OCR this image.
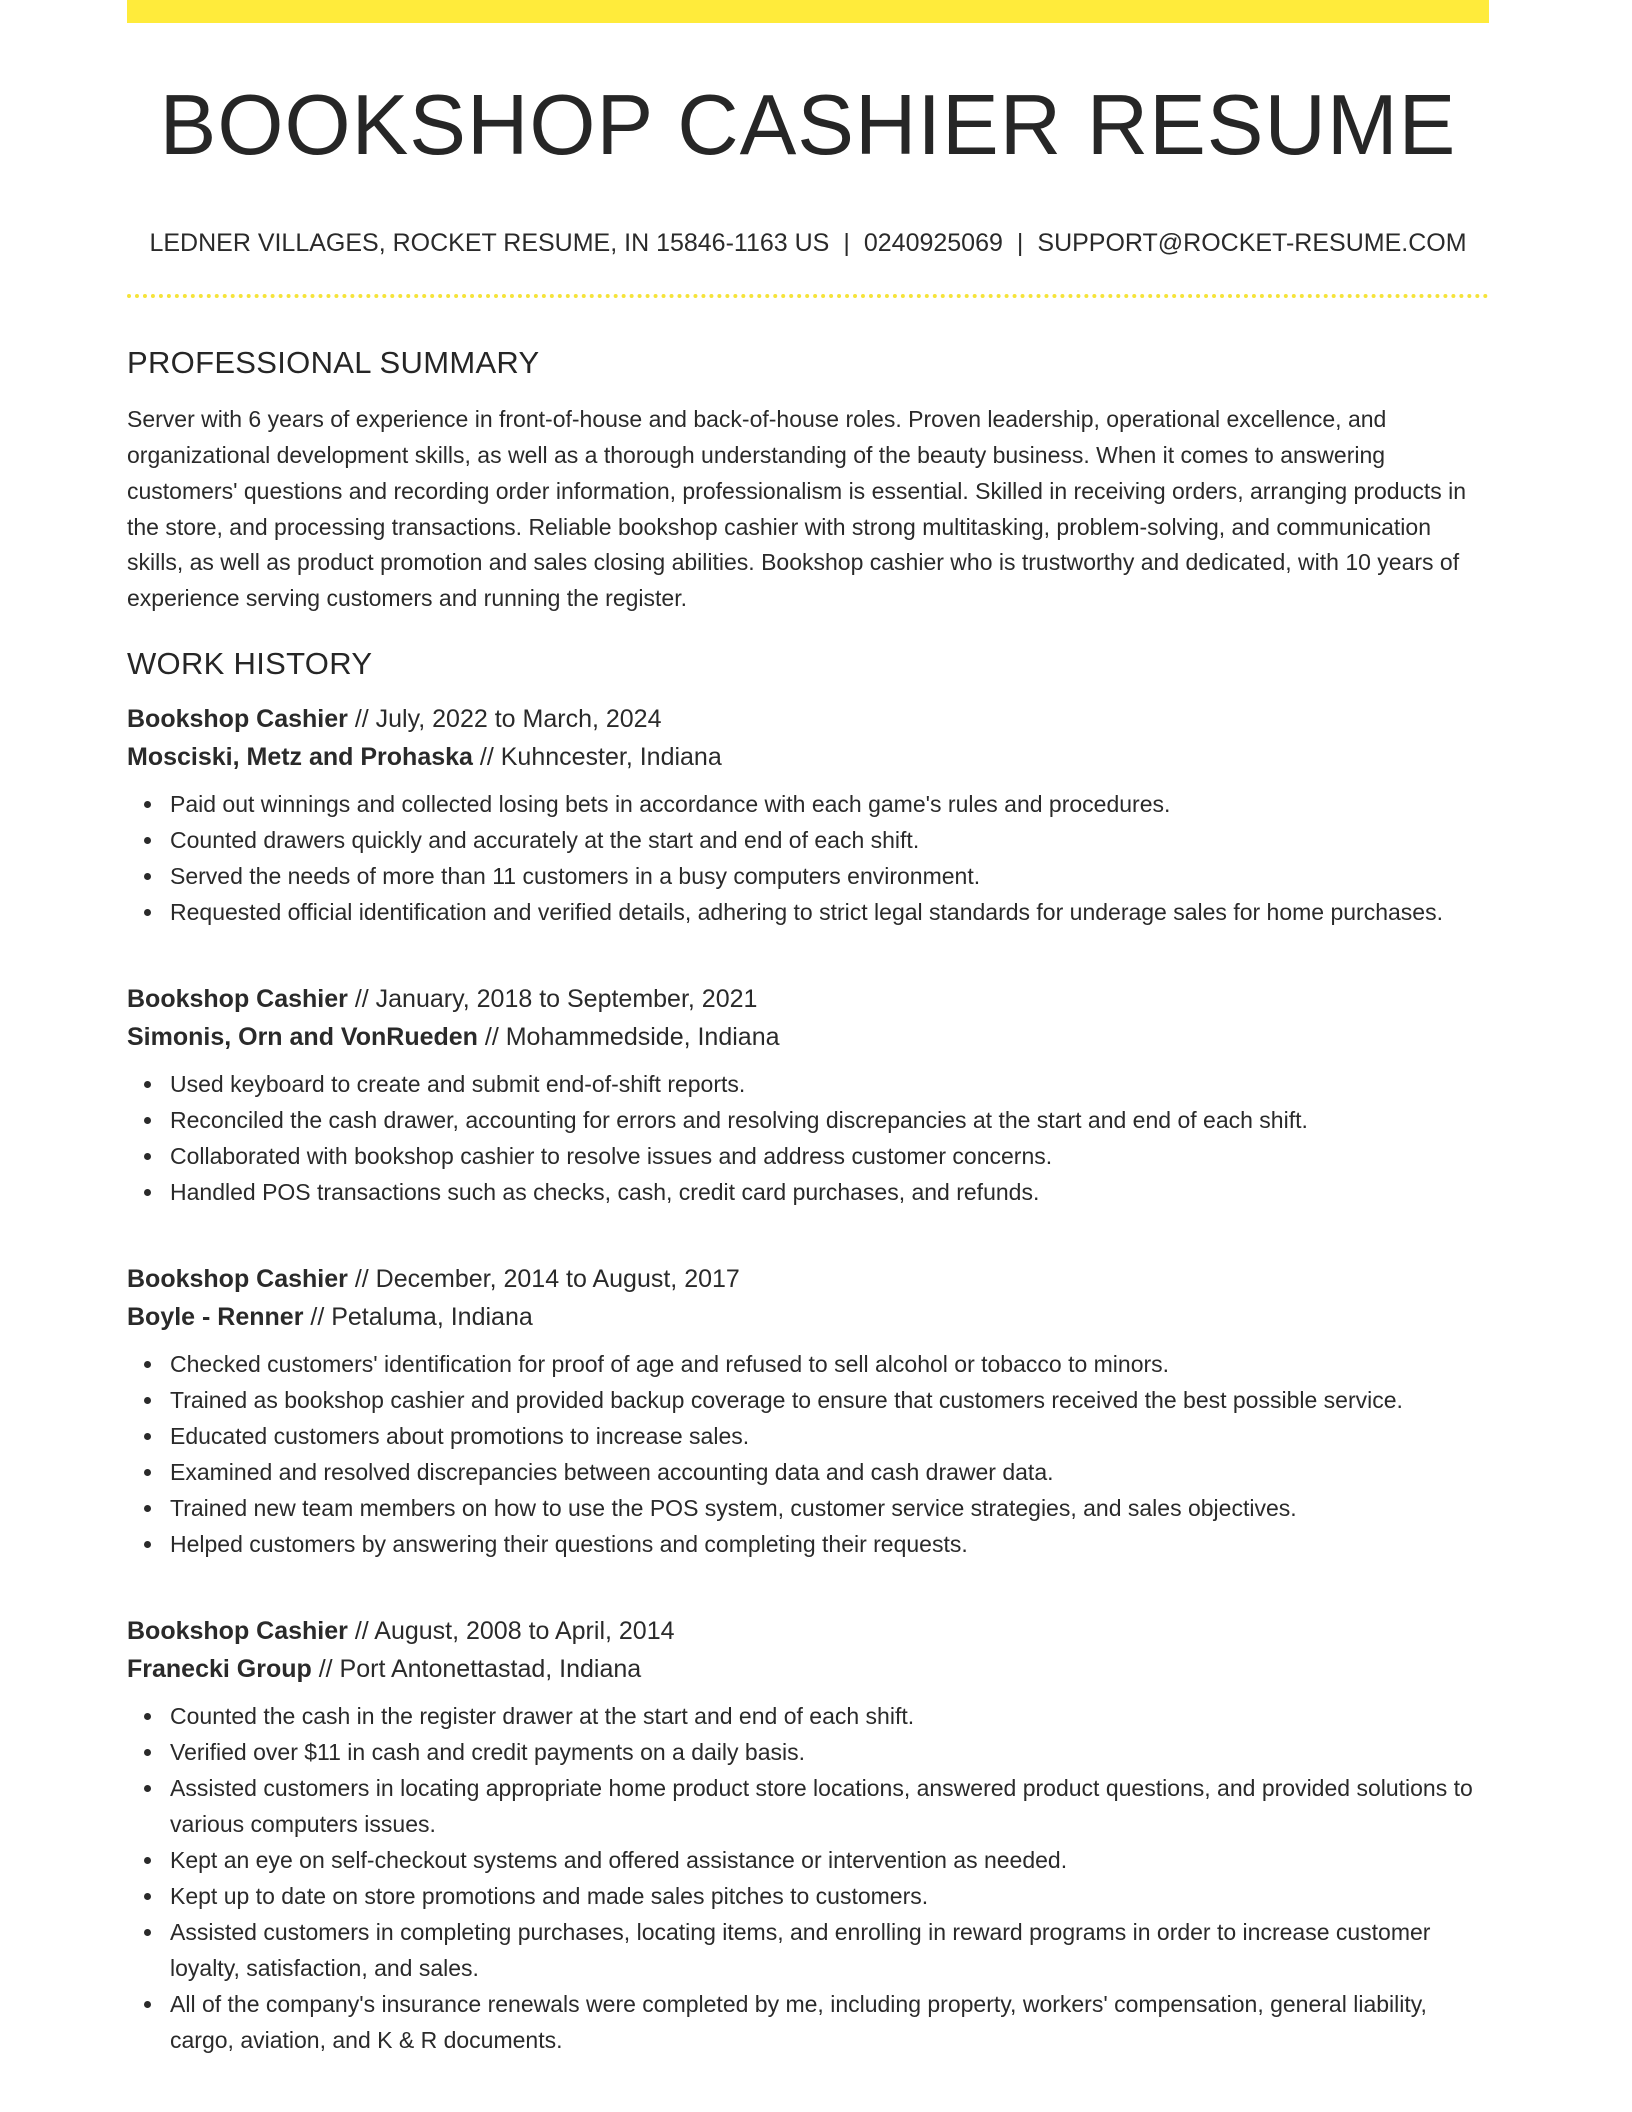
BOOKSHOP CASHIER RESUME
LEDNER VILLAGES, ROCKET RESUME, IN 15846-1163 US | 0240925069 | SUPPORT@ROCKET-RESUME.COM
PROFESSIONAL SUMMARY
Server with 6 years of experience in front-of-house and back-of-house roles. Proven leadership, operational excellence, and organizational development skills, as well as a thorough understanding of the beauty business. When it comes to answering customers' questions and recording order information, professionalism is essential. Skilled in receiving orders, arranging products in the store, and processing transactions. Reliable bookshop cashier with strong multitasking, problem-solving, and communication skills, as well as product promotion and sales closing abilities. Bookshop cashier who is trustworthy and dedicated, with 10 years of experience serving customers and running the register.
WORK HISTORY
Bookshop Cashier // July, 2022 to March, 2024
Mosciski, Metz and Prohaska // Kuhncester, Indiana
Paid out winnings and collected losing bets in accordance with each game's rules and procedures.
Counted drawers quickly and accurately at the start and end of each shift.
Served the needs of more than 11 customers in a busy computers environment.
Requested official identification and verified details, adhering to strict legal standards for underage sales for home purchases.
Bookshop Cashier // January, 2018 to September, 2021
Simonis, Orn and VonRueden // Mohammedside, Indiana
Used keyboard to create and submit end-of-shift reports.
Reconciled the cash drawer, accounting for errors and resolving discrepancies at the start and end of each shift.
Collaborated with bookshop cashier to resolve issues and address customer concerns.
Handled POS transactions such as checks, cash, credit card purchases, and refunds.
Bookshop Cashier // December, 2014 to August, 2017
Boyle - Renner // Petaluma, Indiana
Checked customers' identification for proof of age and refused to sell alcohol or tobacco to minors.
Trained as bookshop cashier and provided backup coverage to ensure that customers received the best possible service.
Educated customers about promotions to increase sales.
Examined and resolved discrepancies between accounting data and cash drawer data.
Trained new team members on how to use the POS system, customer service strategies, and sales objectives.
Helped customers by answering their questions and completing their requests.
Bookshop Cashier // August, 2008 to April, 2014
Franecki Group // Port Antonettastad, Indiana
Counted the cash in the register drawer at the start and end of each shift.
Verified over $11 in cash and credit payments on a daily basis.
Assisted customers in locating appropriate home product store locations, answered product questions, and provided solutions to various computers issues.
Kept an eye on self-checkout systems and offered assistance or intervention as needed.
Kept up to date on store promotions and made sales pitches to customers.
Assisted customers in completing purchases, locating items, and enrolling in reward programs in order to increase customer loyalty, satisfaction, and sales.
All of the company's insurance renewals were completed by me, including property, workers' compensation, general liability, cargo, aviation, and K & R documents.
